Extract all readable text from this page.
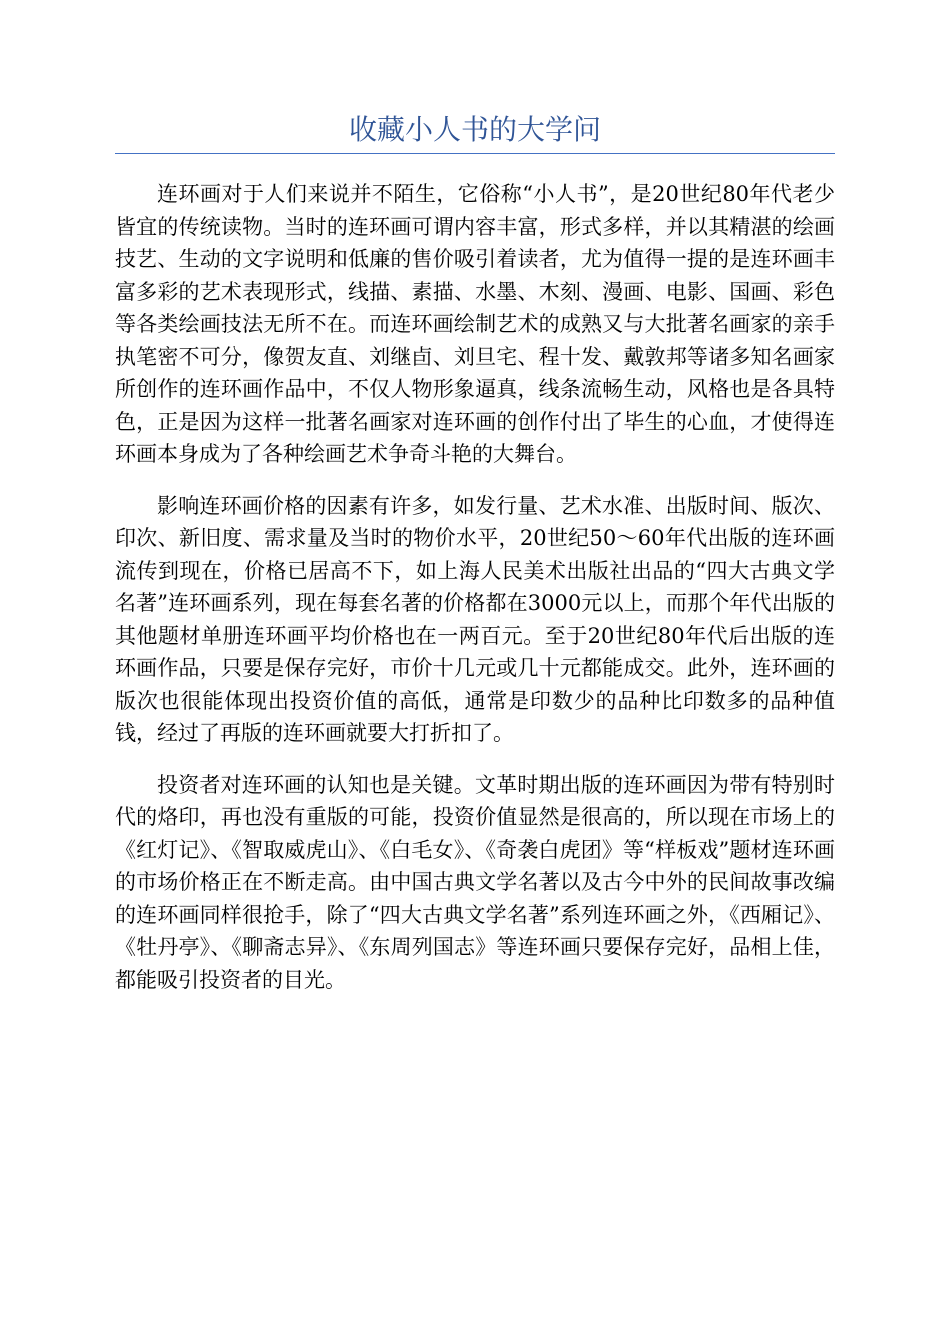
收藏小人书的大学问

连环画对于人们来说并不陌生，它俗称“小人书”，是20世纪80年代老少皆宜的传统读物。当时的连环画可谓内容丰富，形式多样，并以其精湛的绘画技艺、生动的文字说明和低廉的售价吸引着读者，尤为值得一提的是连环画丰富多彩的艺术表现形式，线描、素描、水墨、木刻、漫画、电影、国画、彩色等各类绘画技法无所不在。而连环画绘制艺术的成熟又与大批著名画家的亲手执笔密不可分，像贺友直、刘继卣、刘旦宅、程十发、戴敦邦等诸多知名画家所创作的连环画作品中，不仅人物形象逼真，线条流畅生动，风格也是各具特色，正是因为这样一批著名画家对连环画的创作付出了毕生的心血，才使得连环画本身成为了各种绘画艺术争奇斗艳的大舞台。

影响连环画价格的因素有许多，如发行量、艺术水准、出版时间、版次、印次、新旧度、需求量及当时的物价水平，20世纪50～60年代出版的连环画流传到现在，价格已居高不下，如上海人民美术出版社出品的“四大古典文学名著”连环画系列，现在每套名著的价格都在3000元以上，而那个年代出版的其他题材单册连环画平均价格也在一两百元。至于20世纪80年代后出版的连环画作品，只要是保存完好，市价十几元或几十元都能成交。此外，连环画的版次也很能体现出投资价值的高低，通常是印数少的品种比印数多的品种值钱，经过了再版的连环画就要大打折扣了。

投资者对连环画的认知也是关键。文革时期出版的连环画因为带有特别时代的烙印，再也没有重版的可能，投资价值显然是很高的，所以现在市场上的《红灯记》、《智取威虎山》、《白毛女》、《奇袭白虎团》等“样板戏”题材连环画的市场价格正在不断走高。由中国古典文学名著以及古今中外的民间故事改编的连环画同样很抢手，除了“四大古典文学名著”系列连环画之外，《西厢记》、《牡丹亭》、《聊斋志异》、《东周列国志》等连环画只要保存完好，品相上佳，都能吸引投资者的目光。
